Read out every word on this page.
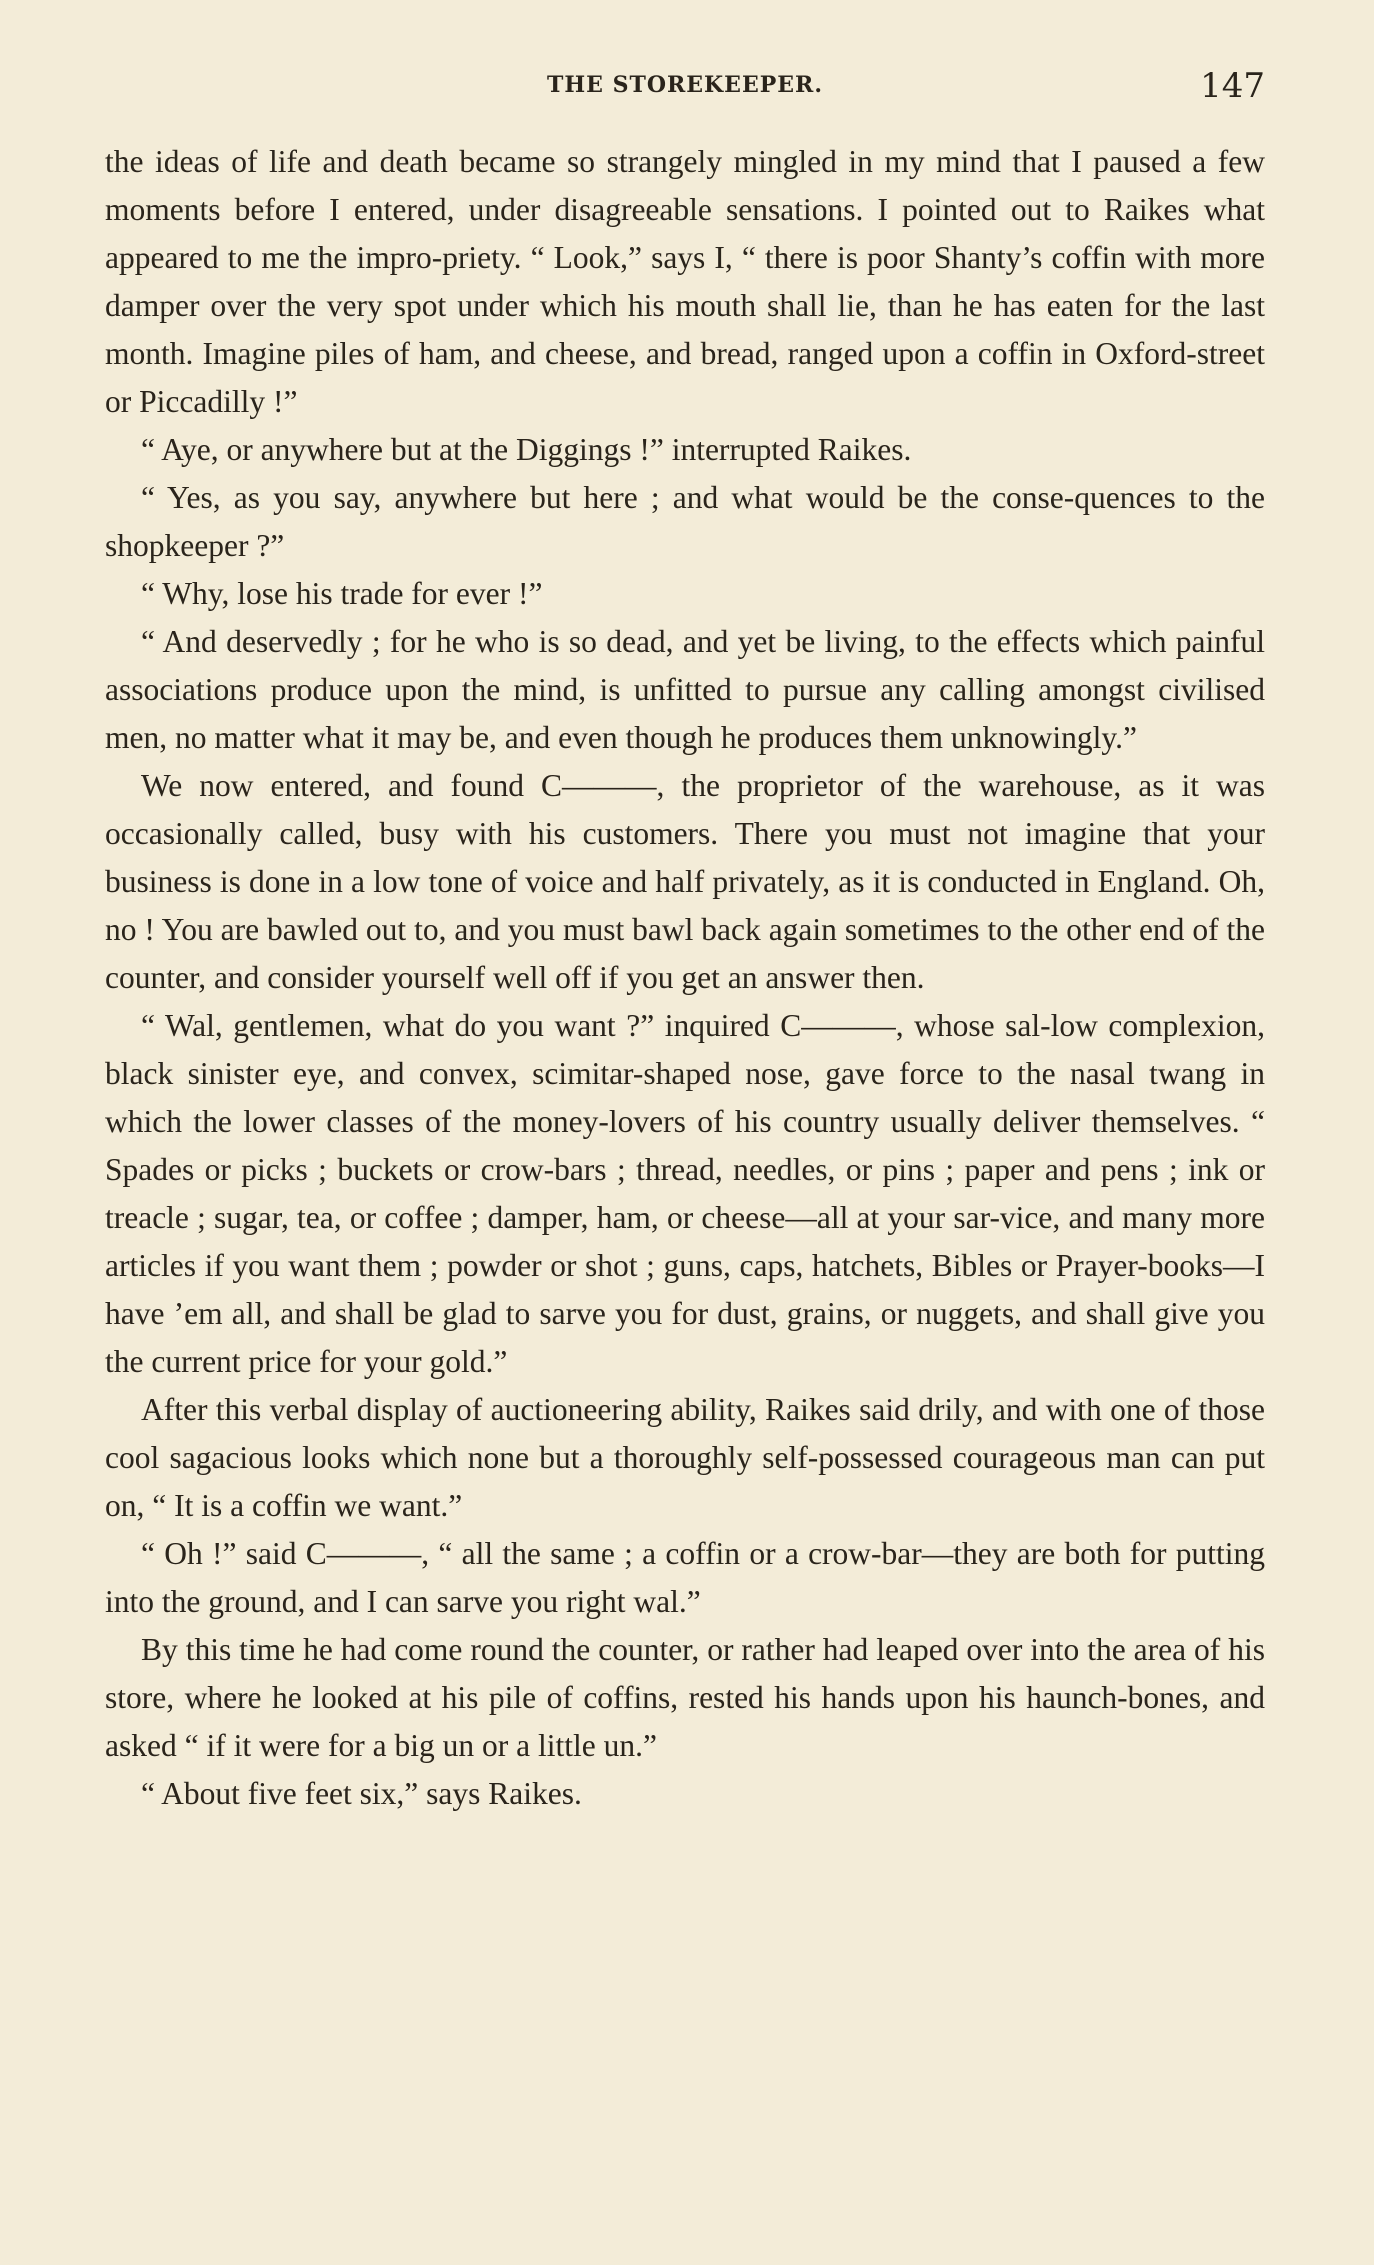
THE STOREKEEPER.	147

the ideas of life and death became so strangely mingled in my mind that I paused a few moments before I entered, under disagreeable sensations. I pointed out to Raikes what appeared to me the impro-priety. “ Look,” says I, “ there is poor Shanty’s coffin with more damper over the very spot under which his mouth shall lie, than he has eaten for the last month. Imagine piles of ham, and cheese, and bread, ranged upon a coffin in Oxford-street or Piccadilly !”

“ Aye, or anywhere but at the Diggings !” interrupted Raikes.

“ Yes, as you say, anywhere but here ; and what would be the conse-quences to the shopkeeper ?”

“ Why, lose his trade for ever !”

“ And deservedly ; for he who is so dead, and yet be living, to the effects which painful associations produce upon the mind, is unfitted to pursue any calling amongst civilised men, no matter what it may be, and even though he produces them unknowingly.”

We now entered, and found C———, the proprietor of the warehouse, as it was occasionally called, busy with his customers. There you must not imagine that your business is done in a low tone of voice and half privately, as it is conducted in England. Oh, no ! You are bawled out to, and you must bawl back again sometimes to the other end of the counter, and consider yourself well off if you get an answer then.

“ Wal, gentlemen, what do you want ?” inquired C———, whose sal-low complexion, black sinister eye, and convex, scimitar-shaped nose, gave force to the nasal twang in which the lower classes of the money-lovers of his country usually deliver themselves. “ Spades or picks ; buckets or crow-bars ; thread, needles, or pins ; paper and pens ; ink or treacle ; sugar, tea, or coffee ; damper, ham, or cheese—all at your sar-vice, and many more articles if you want them ; powder or shot ; guns, caps, hatchets, Bibles or Prayer-books—I have ’em all, and shall be glad to sarve you for dust, grains, or nuggets, and shall give you the current price for your gold.”

After this verbal display of auctioneering ability, Raikes said drily, and with one of those cool sagacious looks which none but a thoroughly self-possessed courageous man can put on, “ It is a coffin we want.”

“ Oh !” said C———, “ all the same ; a coffin or a crow-bar—they are both for putting into the ground, and I can sarve you right wal.”

By this time he had come round the counter, or rather had leaped over into the area of his store, where he looked at his pile of coffins, rested his hands upon his haunch-bones, and asked “ if it were for a big un or a little un.”

“ About five feet six,” says Raikes.
